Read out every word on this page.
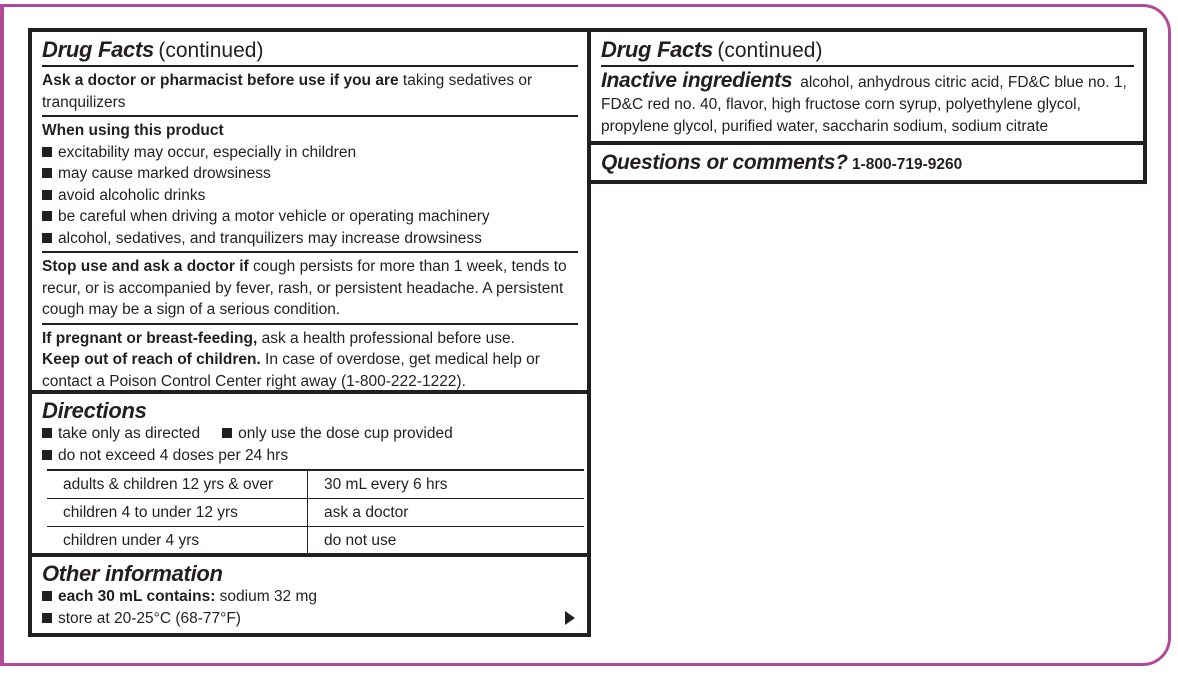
Drug Facts (continued)
Ask a doctor or pharmacist before use if you are taking sedatives or
tranquilizers
When using this product
excitability may occur, especially in children
may cause marked drowsiness
avoid alcoholic drinks
be careful when driving a motor vehicle or operating machinery
alcohol, sedatives, and tranquilizers may increase drowsiness
Stop use and ask a doctor if cough persists for more than 1 week, tends to
recur, or is accompanied by fever, rash, or persistent headache. A persistent
cough may be a sign of a serious condition.
If pregnant or breast-feeding, ask a health professional before use.
Keep out of reach of children. In case of overdose, get medical help or
contact a Poison Control Center right away (1-800-222-1222).
Directions
take only as directed only use the dose cup provided
do not exceed 4 doses per 24 hrs
adults & children 12 yrs & over	30 mL every 6 hrs
children 4 to under 12 yrs	ask a doctor
children under 4 yrs	do not use
Other information
each 30 mL contains: sodium 32 mg
store at 20-25°C (68-77°F)
Drug Facts (continued)
Inactive ingredients alcohol, anhydrous citric acid, FD&C blue no. 1,
FD&C red no. 40, flavor, high fructose corn syrup, polyethylene glycol,
propylene glycol, purified water, saccharin sodium, sodium citrate
Questions or comments? 1-800-719-9260
